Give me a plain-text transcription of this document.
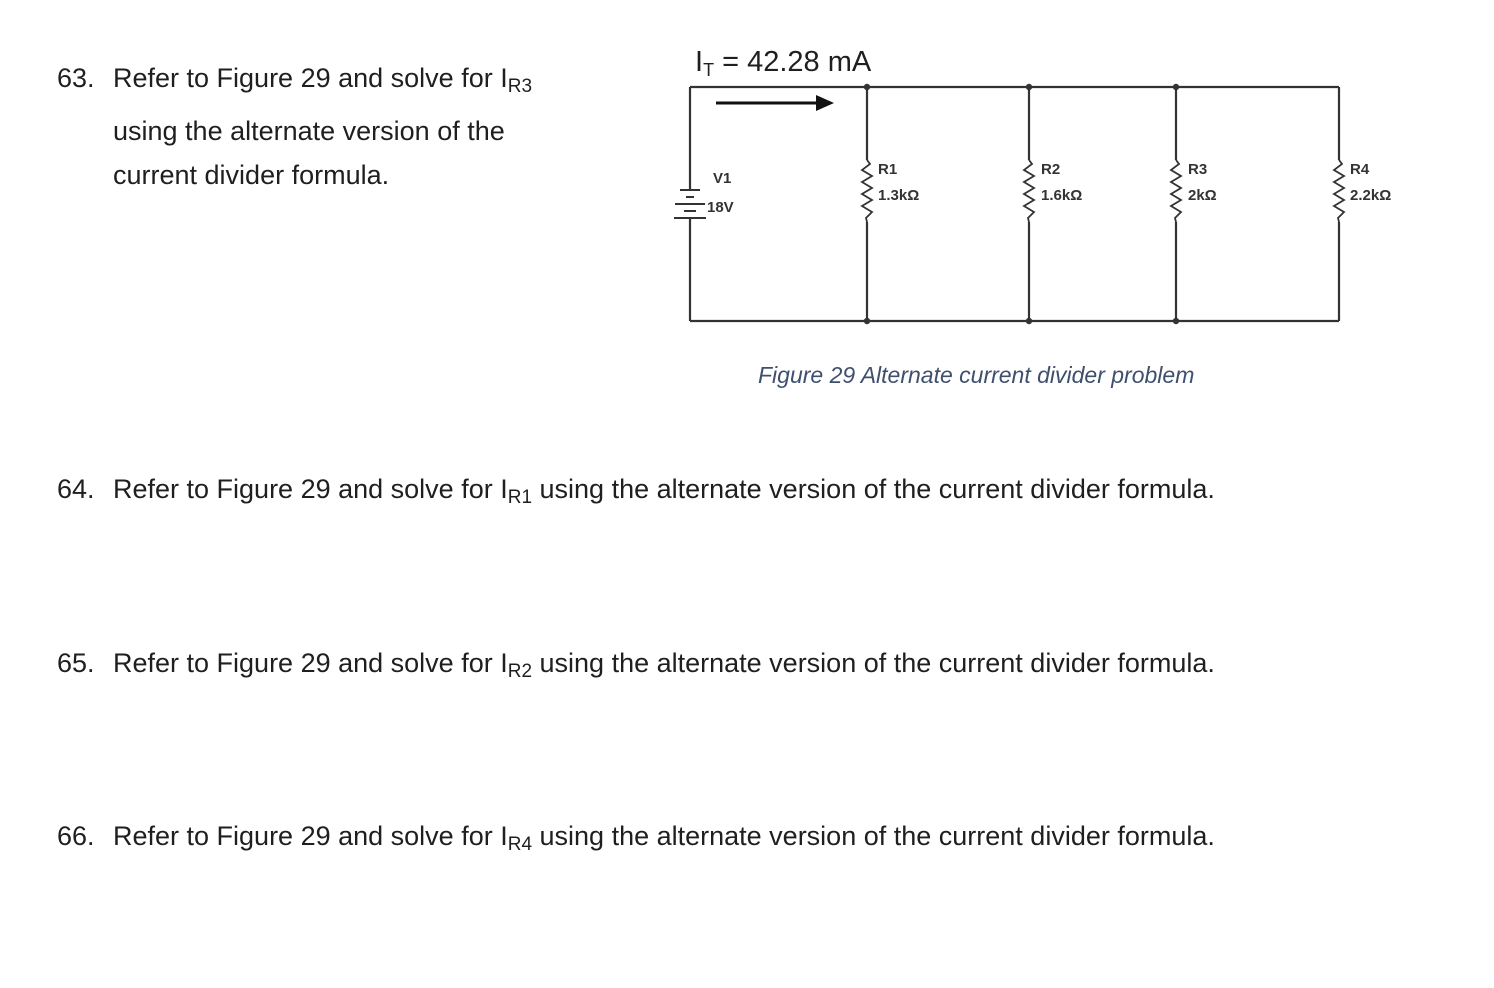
63. Refer to Figure 29 and solve for $I_{R3}$
using the alternate version of the
current divider formula.

IT = 42.28 mA
V1
18V
R1
1.3kΩ
R2
1.6kΩ
R3
2kΩ
R4
2.2kΩ
Figure 29 Alternate current divider problem

64. Refer to Figure 29 and solve for $I_{R1}$ using the alternate version of the current divider formula.

65. Refer to Figure 29 and solve for $I_{R2}$ using the alternate version of the current divider formula.

66. Refer to Figure 29 and solve for $I_{R4}$ using the alternate version of the current divider formula.
